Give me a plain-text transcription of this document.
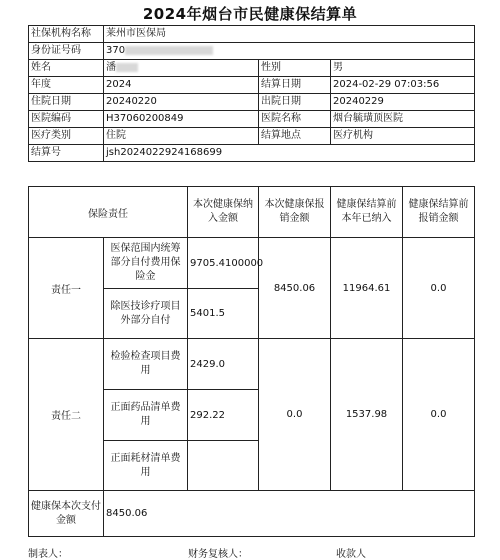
2024年烟台市民健康保结算单
社保机构名称	莱州市医保局		
身份证号码	370		
姓名	潘	性别	男
年度	2024	结算日期	2024-02-29 07:03:56
住院日期	20240220	出院日期	20240229
医院编码	H37060200849	医院名称	烟台毓璜顶医院
医疗类别	住院	结算地点	医疗机构
结算号	jsh2024022924168699		
保险责任		本次健康保纳入金额	本次健康保报销金额	健康保结算前本年已纳入	健康保结算前报销金额
责任一	医保范围内统筹部分自付费用保险金	9705.4100000	8450.06	11964.61	0.0
	除医技诊疗项目外部分自付	5401.5			
责任二	检验检查项目费用	2429.0	0.0	1537.98	0.0
	正面药品清单费用	292.22			
	正面耗材清单费用				
健康保本次支付金额	8450.06				
制表人：	财务复核人：	收款人
